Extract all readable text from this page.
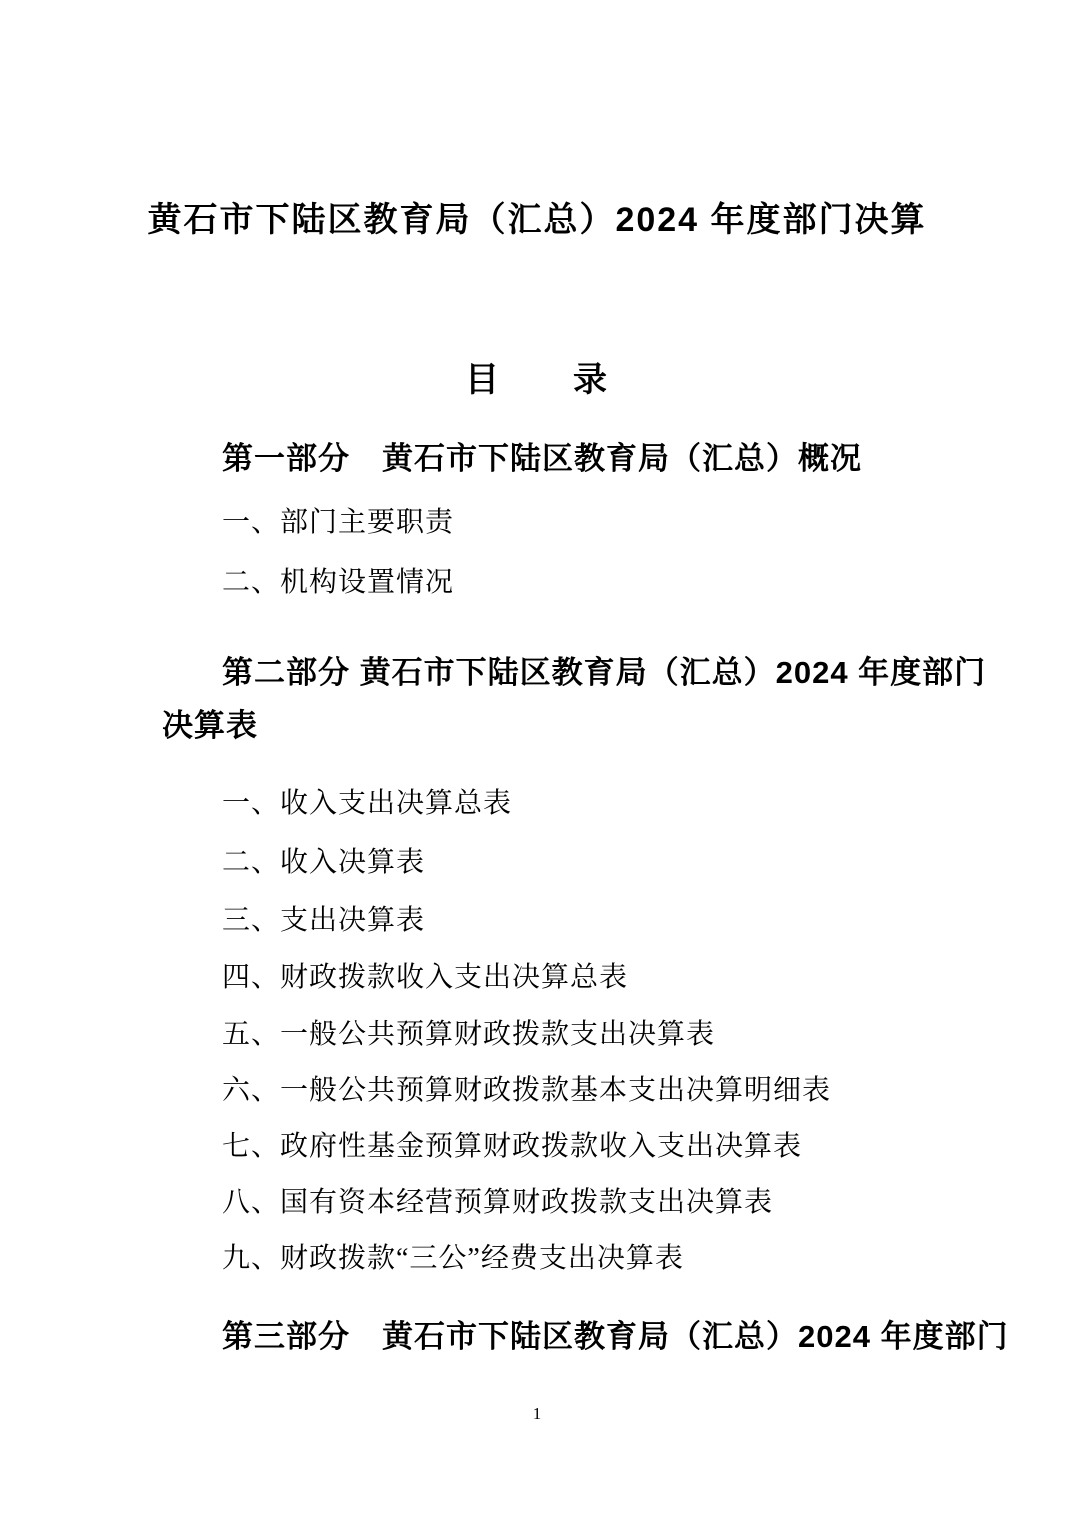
黄石市下陆区教育局（汇总）2024 年度部门决算
目　　录
第一部分　黄石市下陆区教育局（汇总）概况

一、部门主要职责

二、机构设置情况

第二部分 黄石市下陆区教育局（汇总）2024 年度部门
决算表

一、收入支出决算总表

二、收入决算表

三、支出决算表

四、财政拨款收入支出决算总表

五、一般公共预算财政拨款支出决算表

六、一般公共预算财政拨款基本支出决算明细表

七、政府性基金预算财政拨款收入支出决算表

八、国有资本经营预算财政拨款支出决算表

九、财政拨款“三公”经费支出决算表

第三部分　黄石市下陆区教育局（汇总）2024 年度部门
1
